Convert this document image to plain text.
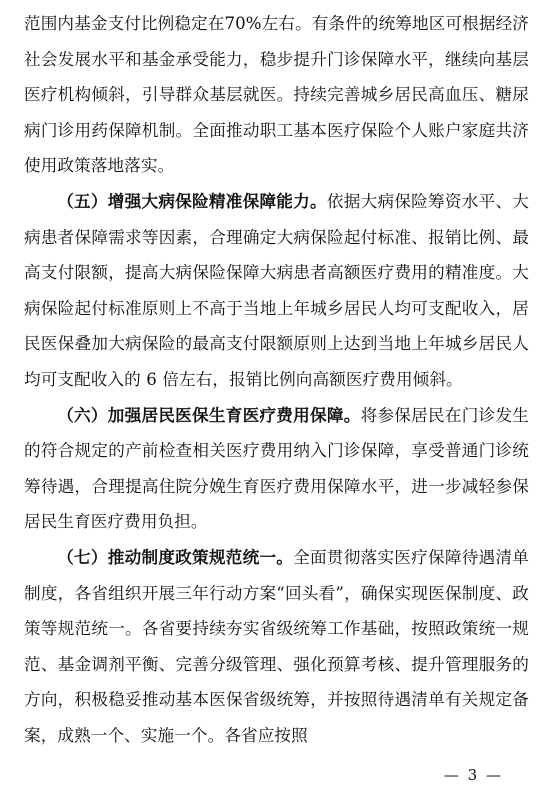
范围内基金支付比例稳定在70%左右。有条件的统筹地区可根据经济社会发展水平和基金承受能力，稳步提升门诊保障水平，继续向基层医疗机构倾斜，引导群众基层就医。持续完善城乡居民高血压、糖尿病门诊用药保障机制。全面推动职工基本医疗保险个人账户家庭共济使用政策落地落实。

（五）增强大病保险精准保障能力。依据大病保险筹资水平、大病患者保障需求等因素，合理确定大病保险起付标准、报销比例、最高支付限额，提高大病保险保障大病患者高额医疗费用的精准度。大病保险起付标准原则上不高于当地上年城乡居民人均可支配收入，居民医保叠加大病保险的最高支付限额原则上达到当地上年城乡居民人均可支配收入的 6 倍左右，报销比例向高额医疗费用倾斜。

（六）加强居民医保生育医疗费用保障。将参保居民在门诊发生的符合规定的产前检查相关医疗费用纳入门诊保障，享受普通门诊统筹待遇，合理提高住院分娩生育医疗费用保障水平，进一步减轻参保居民生育医疗费用负担。

（七）推动制度政策规范统一。全面贯彻落实医疗保障待遇清单制度，各省组织开展三年行动方案“回头看”，确保实现医保制度、政策等规范统一。各省要持续夯实省级统筹工作基础，按照政策统一规范、基金调剂平衡、完善分级管理、强化预算考核、提升管理服务的方向，积极稳妥推动基本医保省级统筹，并按照待遇清单有关规定备案，成熟一个、实施一个。各省应按照

— 3 —
